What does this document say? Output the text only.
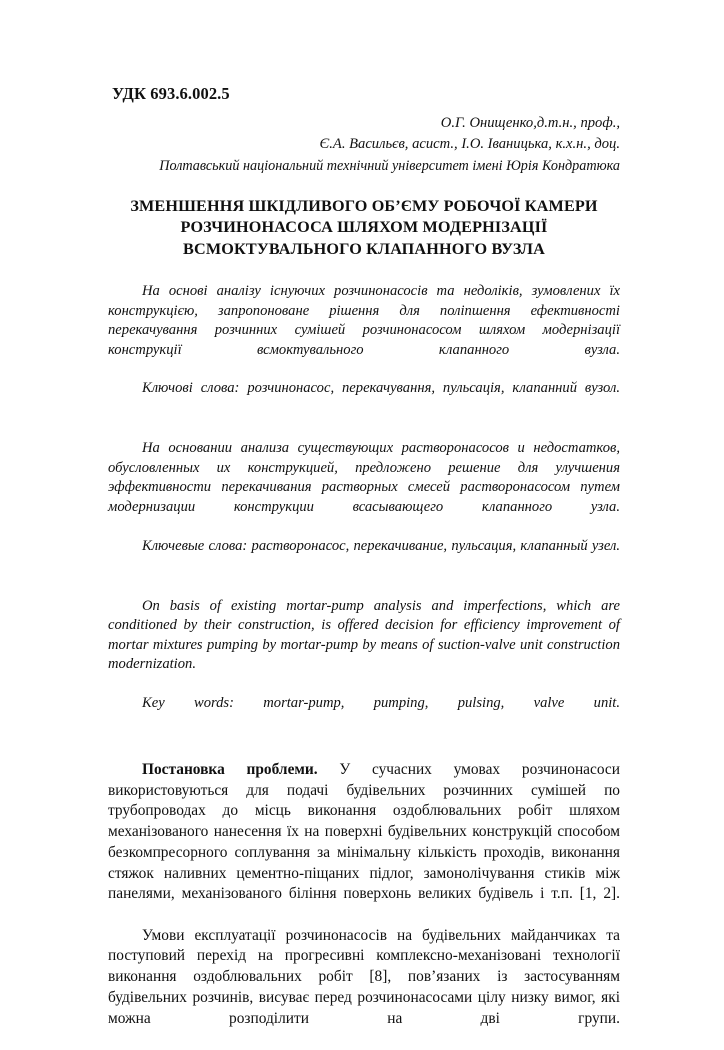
УДК 693.6.002.5
О.Г. Онищенко,д.т.н., проф.,
Є.А. Васильєв, асист., І.О. Іваницька, к.х.н., доц.
Полтавський національний технічний університет імені Юрія Кондратюка
ЗМЕНШЕННЯ ШКІДЛИВОГО ОБ’ЄМУ РОБОЧОЇ КАМЕРИ
РОЗЧИНОНАСОСА ШЛЯХОМ МОДЕРНІЗАЦІЇ
ВСМОКТУВАЛЬНОГО КЛАПАННОГО ВУЗЛА

На основі аналізу існуючих розчинонасосів та недоліків, зумовлених їх конструкцією, запропоноване рішення для поліпшення ефективності перекачування розчинних сумішей розчинонасосом шляхом модернізації конструкції всмоктувального клапанного вузла.

Ключові слова: розчинонасос, перекачування, пульсація, клапанний вузол.

На основании анализа существующих растворонасосов и недостатков, обусловленных их конструкцией, предложено решение для улучшения эффективности перекачивания растворных смесей растворонасосом путем модернизации конструкции всасывающего клапанного узла.

Ключевые слова: растворонасос, перекачивание, пульсация, клапанный узел.

On basis of existing mortar-pump analysis and imperfections, which are conditioned by their construction, is offered decision for efficiency improvement of mortar mixtures pumping by mortar-pump by means of suction-valve unit construction modernization.

Key words: mortar-pump, pumping, pulsing, valve unit.

Постановка проблеми. У сучасних умовах розчинонасоси використовуються для подачі будівельних розчинних сумішей по трубопроводах до місць виконання оздоблювальних робіт шляхом механізованого нанесення їх на поверхні будівельних конструкцій способом безкомпресорного соплування за мінімальну кількість проходів, виконання стяжок наливних цементно-піщаних підлог, замонолічування стиків між панелями, механізованого біління поверхонь великих будівель і т.п. [1, 2].

Умови експлуатації розчинонасосів на будівельних майданчиках та поступовий перехід на прогресивні комплексно-механізовані технології виконання оздоблювальних робіт [8], пов’язаних із застосуванням будівельних розчинів, висуває перед розчинонасосами цілу низку вимог, які можна розподілити на дві групи.
